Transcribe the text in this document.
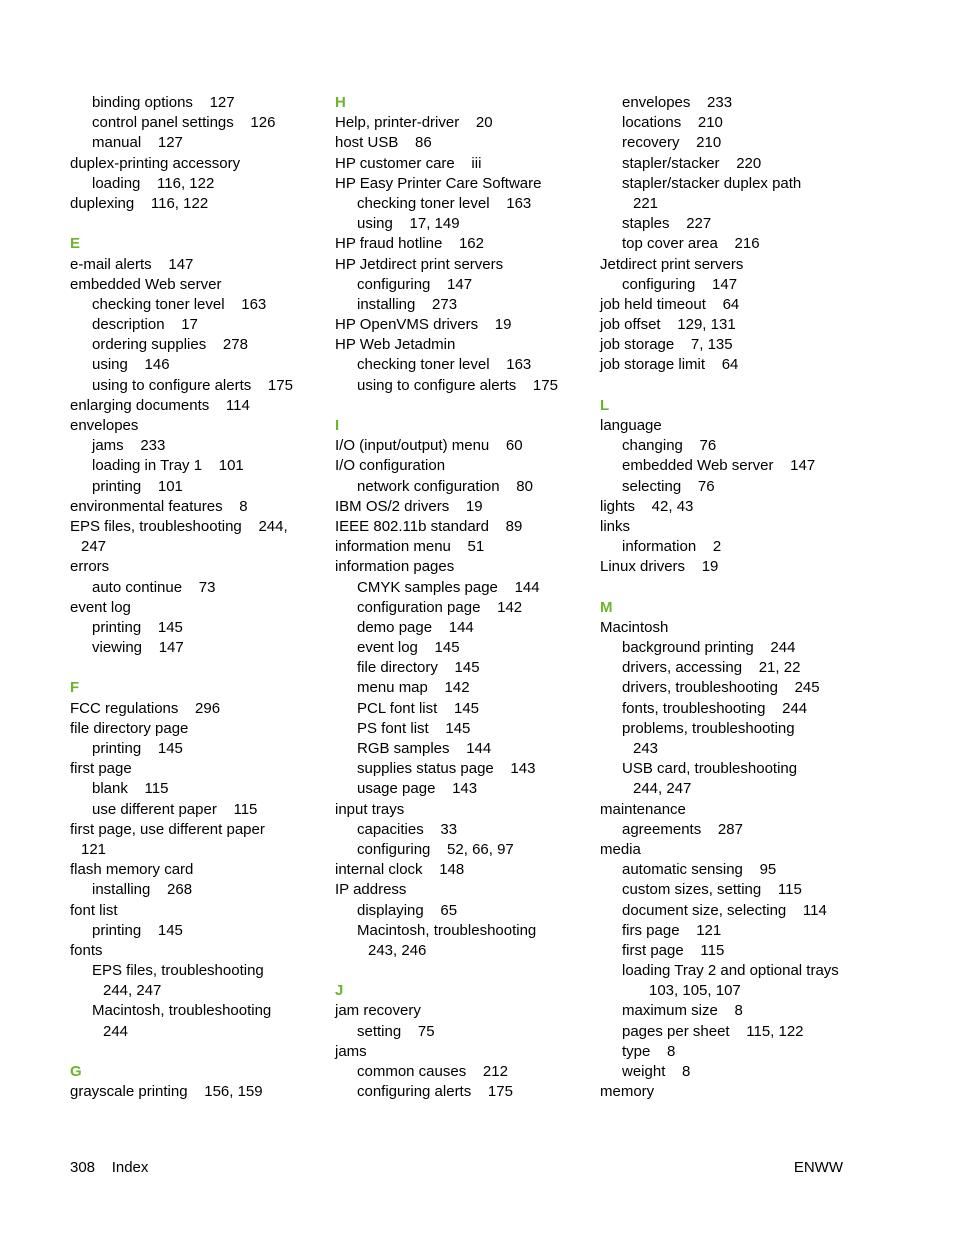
binding options    127
control panel settings    126
manual    127
duplex-printing accessory
loading    116, 122
duplexing    116, 122
E
e-mail alerts    147
embedded Web server
checking toner level    163
description    17
ordering supplies    278
using    146
using to configure alerts    175
enlarging documents    114
envelopes
jams    233
loading in Tray 1    101
printing    101
environmental features    8
EPS files, troubleshooting    244,
247
errors
auto continue    73
event log
printing    145
viewing    147
F
FCC regulations    296
file directory page
printing    145
first page
blank    115
use different paper    115
first page, use different paper
121
flash memory card
installing    268
font list
printing    145
fonts
EPS files, troubleshooting
244, 247
Macintosh, troubleshooting
244
G
grayscale printing    156, 159
H
Help, printer-driver    20
host USB    86
HP customer care    iii
HP Easy Printer Care Software
checking toner level    163
using    17, 149
HP fraud hotline    162
HP Jetdirect print servers
configuring    147
installing    273
HP OpenVMS drivers    19
HP Web Jetadmin
checking toner level    163
using to configure alerts    175
I
I/O (input/output) menu    60
I/O configuration
network configuration    80
IBM OS/2 drivers    19
IEEE 802.11b standard    89
information menu    51
information pages
CMYK samples page    144
configuration page    142
demo page    144
event log    145
file directory    145
menu map    142
PCL font list    145
PS font list    145
RGB samples    144
supplies status page    143
usage page    143
input trays
capacities    33
configuring    52, 66, 97
internal clock    148
IP address
displaying    65
Macintosh, troubleshooting
243, 246
J
jam recovery
setting    75
jams
common causes    212
configuring alerts    175
envelopes    233
locations    210
recovery    210
stapler/stacker    220
stapler/stacker duplex path
221
staples    227
top cover area    216
Jetdirect print servers
configuring    147
job held timeout    64
job offset    129, 131
job storage    7, 135
job storage limit    64
L
language
changing    76
embedded Web server    147
selecting    76
lights    42, 43
links
information    2
Linux drivers    19
M
Macintosh
background printing    244
drivers, accessing    21, 22
drivers, troubleshooting    245
fonts, troubleshooting    244
problems, troubleshooting
243
USB card, troubleshooting
244, 247
maintenance
agreements    287
media
automatic sensing    95
custom sizes, setting    115
document size, selecting    114
firs page    121
first page    115
loading Tray 2 and optional trays
103, 105, 107
maximum size    8
pages per sheet    115, 122
type    8
weight    8
memory
308    Index	ENWW
